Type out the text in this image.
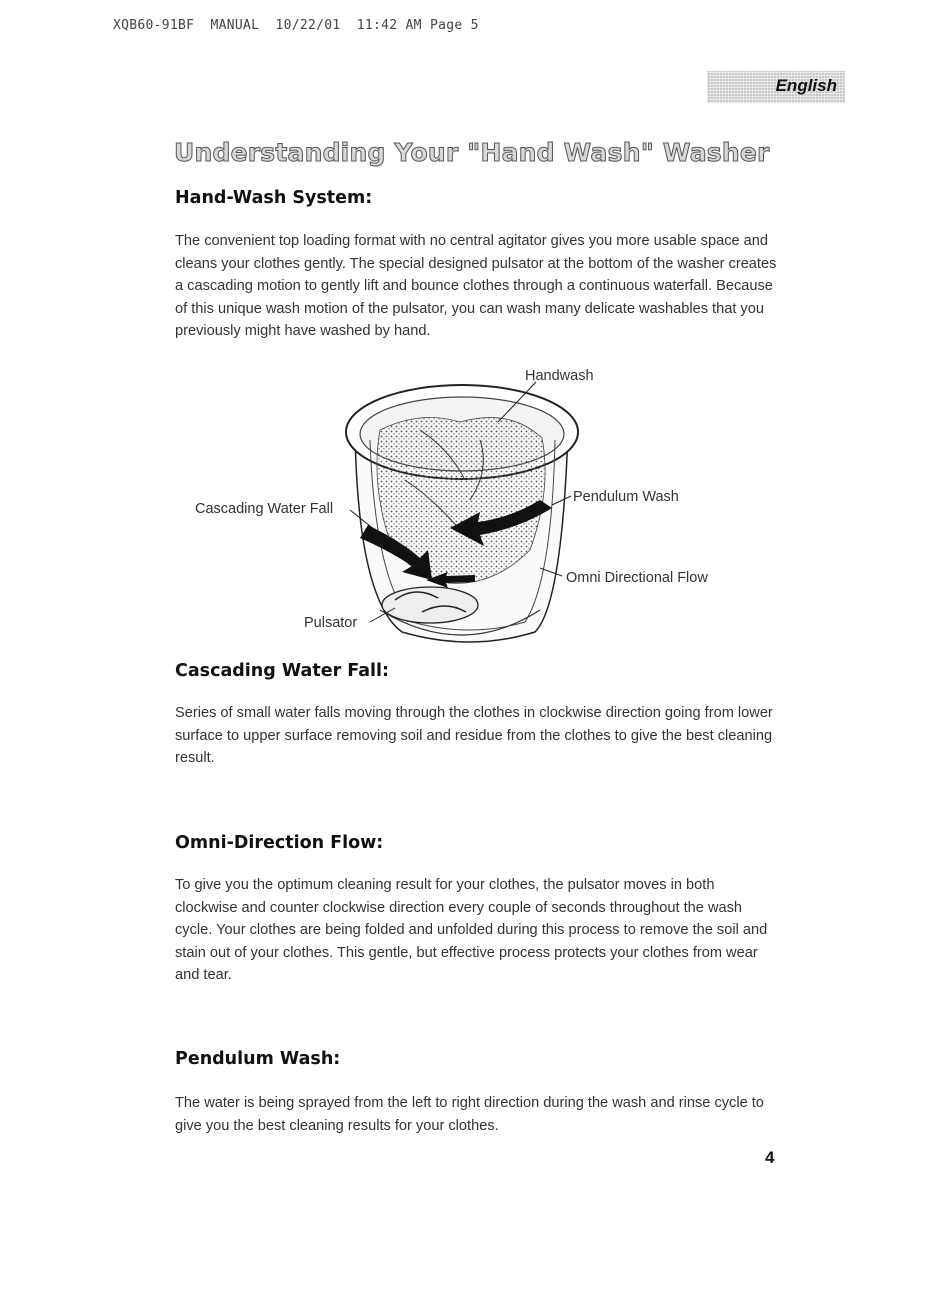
XQB60-91BF  MANUAL  10/22/01  11:42 AM Page 5
English
Understanding Your "Hand Wash" Washer
Hand-Wash System:

The convenient top loading format with no central agitator gives you more usable space and cleans your clothes gently. The special designed pulsator at the bottom of the washer creates a cascading motion to gently lift and bounce clothes through a continuous waterfall. Because of this unique wash motion of the pulsator, you can wash many delicate washables that you previously might have washed by hand.

Handwash
Pendulum Wash
Cascading Water Fall
Omni Directional Flow
Pulsator
Cascading Water Fall:

Series of small water falls moving through the clothes in clockwise direction going from lower surface to upper surface removing soil and residue from the clothes to give the best cleaning result.

Omni-Direction Flow:

To give you the optimum cleaning result for your clothes, the pulsator moves in both clockwise and counter clockwise direction every couple of seconds throughout the wash cycle. Your clothes are being folded and unfolded during this process to remove the soil and stain out of your clothes. This gentle, but effective process protects your clothes from wear and tear.

Pendulum Wash:

The water is being sprayed from the left to right direction during the wash and rinse cycle to give you the best cleaning results for your clothes.

4
